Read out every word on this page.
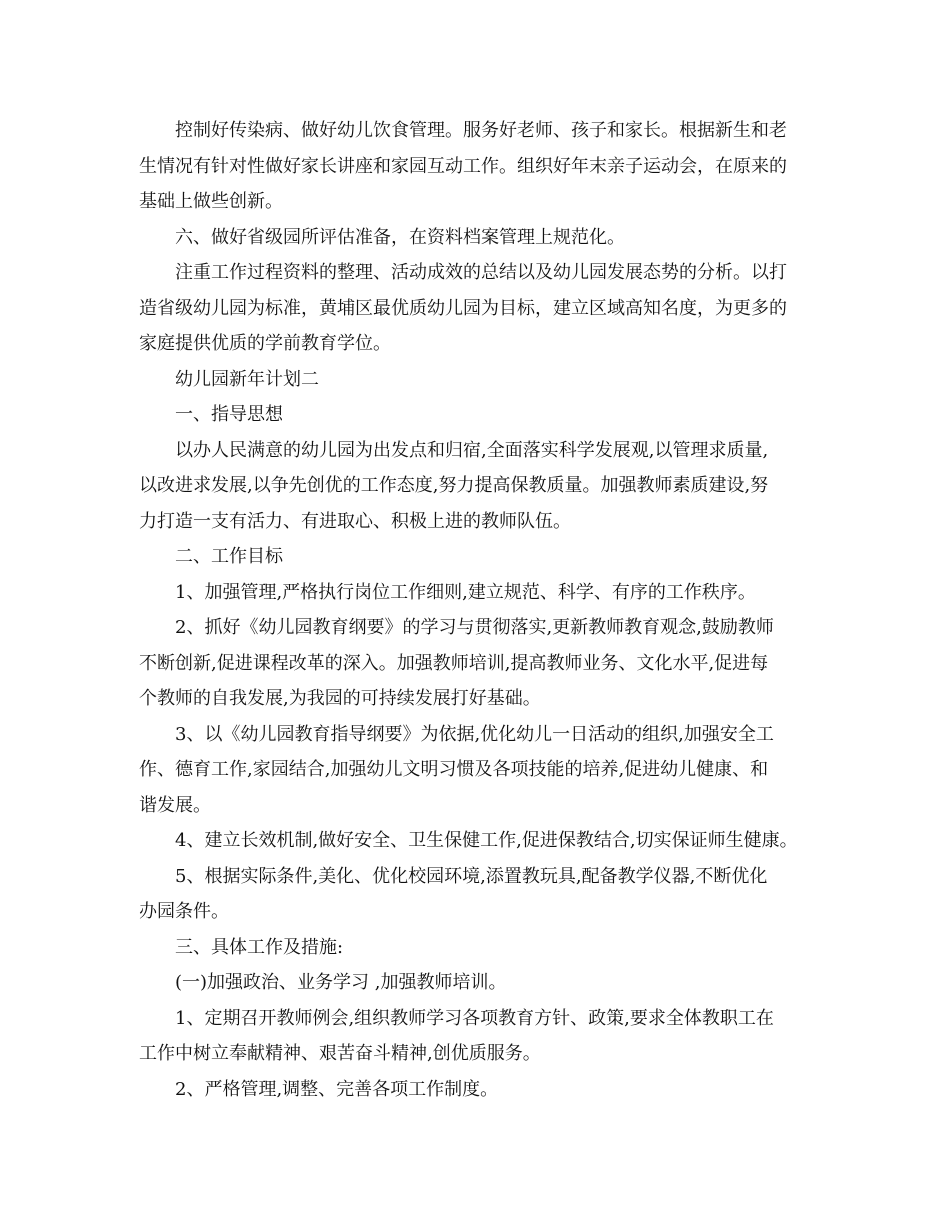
控制好传染病、做好幼儿饮食管理。服务好老师、孩子和家长。根据新生和老
生情况有针对性做好家长讲座和家园互动工作。组织好年末亲子运动会，在原来的
基础上做些创新。
六、做好省级园所评估准备，在资料档案管理上规范化。
注重工作过程资料的整理、活动成效的总结以及幼儿园发展态势的分析。以打
造省级幼儿园为标准，黄埔区最优质幼儿园为目标，建立区域高知名度，为更多的
家庭提供优质的学前教育学位。
幼儿园新年计划二
一、指导思想
以办人民满意的幼儿园为出发点和归宿,全面落实科学发展观,以管理求质量,
以改进求发展,以争先创优的工作态度,努力提高保教质量。加强教师素质建设,努
力打造一支有活力、有进取心、积极上进的教师队伍。
二、工作目标
1、加强管理,严格执行岗位工作细则,建立规范、科学、有序的工作秩序。
2、抓好《幼儿园教育纲要》的学习与贯彻落实,更新教师教育观念,鼓励教师
不断创新,促进课程改革的深入。加强教师培训,提高教师业务、文化水平,促进每
个教师的自我发展,为我园的可持续发展打好基础。
3、以《幼儿园教育指导纲要》为依据,优化幼儿一日活动的组织,加强安全工
作、德育工作,家园结合,加强幼儿文明习惯及各项技能的培养,促进幼儿健康、和
谐发展。
4、建立长效机制,做好安全、卫生保健工作,促进保教结合,切实保证师生健康。
5、根据实际条件,美化、优化校园环境,添置教玩具,配备教学仪器,不断优化
办园条件。
三、具体工作及措施:
(一)加强政治、业务学习 ,加强教师培训。
1、定期召开教师例会,组织教师学习各项教育方针、政策,要求全体教职工在
工作中树立奉献精神、艰苦奋斗精神,创优质服务。
2、严格管理,调整、完善各项工作制度。
